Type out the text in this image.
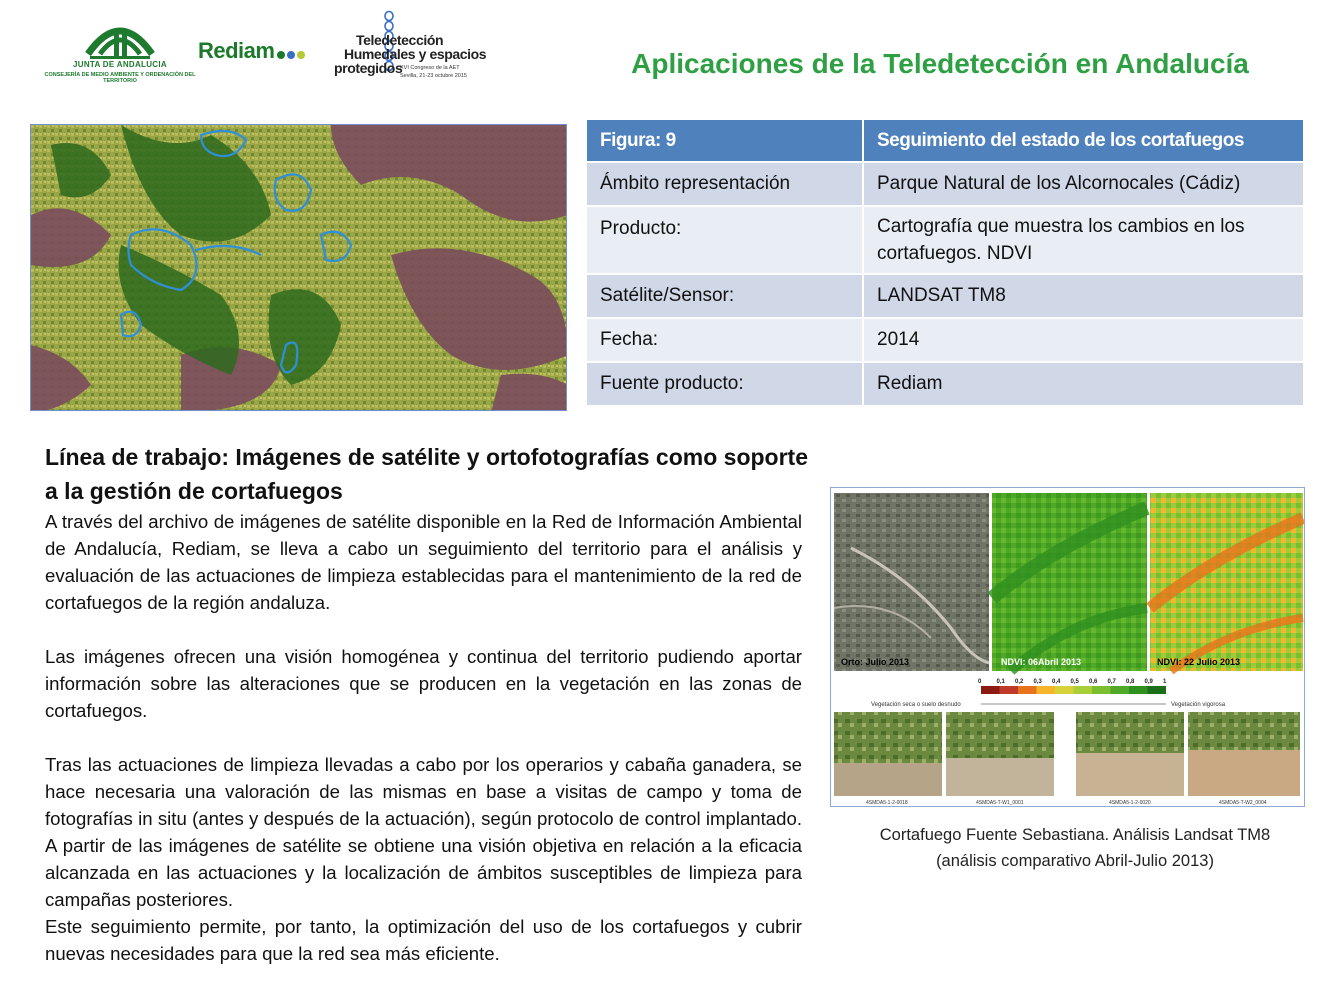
JUNTA DE ANDALUCIA
CONSEJERÍA DE MEDIO AMBIENTE Y ORDENACIÓN DEL TERRITORIO
Rediam	Teledetección
Humedales y espacios
protegidos
XVI Congreso de la AET
Sevilla, 21-23 octubre 2015	Aplicaciones de la Teledetección en Andalucía
Figura: 9	Seguimiento del estado de los cortafuegos
Ámbito representación	Parque Natural de los Alcornocales (Cádiz)
Producto:	Cartografía que muestra los cambios en los cortafuegos. NDVI
Satélite/Sensor:	LANDSAT TM8
Fecha:	2014
Fuente producto:	Rediam
Línea de trabajo: Imágenes de satélite y ortofotografías como soporte a la gestión de cortafuegos

A través del archivo de imágenes de satélite disponible en la Red de Información Ambiental de Andalucía, Rediam, se lleva a cabo un seguimiento del territorio para el análisis y evaluación de las actuaciones de limpieza establecidas para el mantenimiento de la red de cortafuegos de la región andaluza.

Las imágenes ofrecen una visión homogénea y continua del territorio pudiendo aportar información sobre las alteraciones que se producen en la vegetación en las zonas de cortafuegos.

Tras las actuaciones de limpieza llevadas a cabo por los operarios y cabaña ganadera, se hace necesaria una valoración de las mismas en base a visitas de campo y toma de fotografías in situ (antes y después de la actuación), según protocolo de control implantado. A partir de las imágenes de satélite se obtiene una visión objetiva en relación a la eficacia alcanzada en las actuaciones y la localización de ámbitos susceptibles de limpieza para campañas posteriores.

Este seguimiento permite, por tanto, la optimización del uso de los cortafuegos y cubrir nuevas necesidades para que la red sea más eficiente.

Orto: Julio 2013	NDVI: 06Abril 2013	NDVI: 22 Julio 2013
0	0,1 0,2 0,3 0,4 0,5 0,6 0,7 0,8 0,9 1
Vegetación seca o suelo desnudo	Vegetación vigorosa
4SMDA5-1-2-0018	4SMDA5-T-W1_0001	4SMDA5-1-2-0020	4SMDA5-T-W2_0004
Cortafuego Fuente Sebastiana. Análisis Landsat TM8
(análisis comparativo Abril-Julio 2013)
